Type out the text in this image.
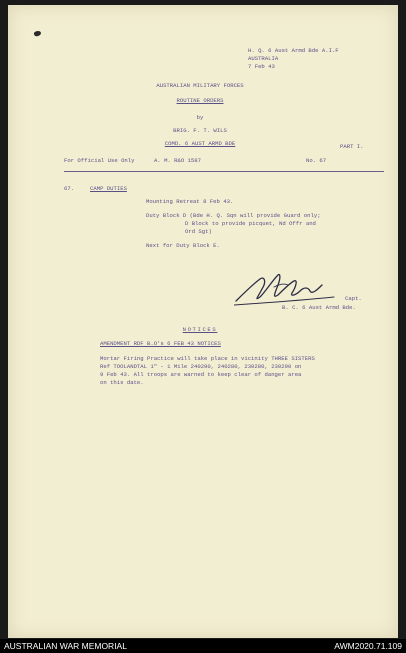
H. Q. 6 Aust Armd Bde A.I.F
AUSTRALIA
7 Feb 43
AUSTRALIAN MILITARY FORCES
ROUTINE ORDERS
by
BRIG. F. T. WILS
COMD. 6 AUST ARMD BDE	PART I.
For Official Use Only	A. M. R&O 1587	No. 67
67.	CAMP DUTIES
Mounting Retreat 8 Feb 43.
Duty Block D (Bde H. Q. Sqn will provide Guard only;
D Block to provide picquet, Nd Offr and
Ord Sgt)
Next for Duty Block E.
Capt.
B. C. 6 Aust Armd Bde.
NOTICES
AMENDMENT RDF B.O's 6 FEB 43 NOTICES
Mortar Firing Practice will take place in vicinity THREE SISTERS
Ref TOOLANDTAL 1" - 1 Mile 240290, 240280, 230280, 230290 on
9 Feb 43. All troops are warned to keep clear of danger area
on this date.
AUSTRALIAN WAR MEMORIAL	AWM2020.71.109
